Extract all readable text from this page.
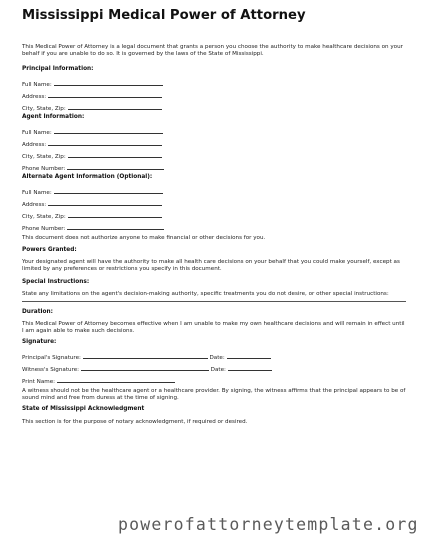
Mississippi Medical Power of Attorney
This Medical Power of Attorney is a legal document that grants a person you choose the authority to make healthcare decisions on your behalf if you are unable to do so. It is governed by the laws of the State of Mississippi.
Principal Information:
Full Name:
Address:
City, State, Zip:
Agent Information:
Full Name:
Address:
City, State, Zip:
Phone Number:
Alternate Agent Information (Optional):
Full Name:
Address:
City, State, Zip:
Phone Number:
This document does not authorize anyone to make financial or other decisions for you.
Powers Granted:
Your designated agent will have the authority to make all health care decisions on your behalf that you could make yourself, except as limited by any preferences or restrictions you specify in this document.
Special Instructions:
State any limitations on the agent's decision-making authority, specific treatments you do not desire, or other special instructions:
Duration:
This Medical Power of Attorney becomes effective when I am unable to make my own healthcare decisions and will remain in effect until I am again able to make such decisions.
Signature:
Principal's Signature:	Date:
Witness's Signature:	Date:
Print Name:
A witness should not be the healthcare agent or a healthcare provider. By signing, the witness affirms that the principal appears to be of sound mind and free from duress at the time of signing.
State of Mississippi Acknowledgment
This section is for the purpose of notary acknowledgment, if required or desired.
powerofattorneytemplate.org
